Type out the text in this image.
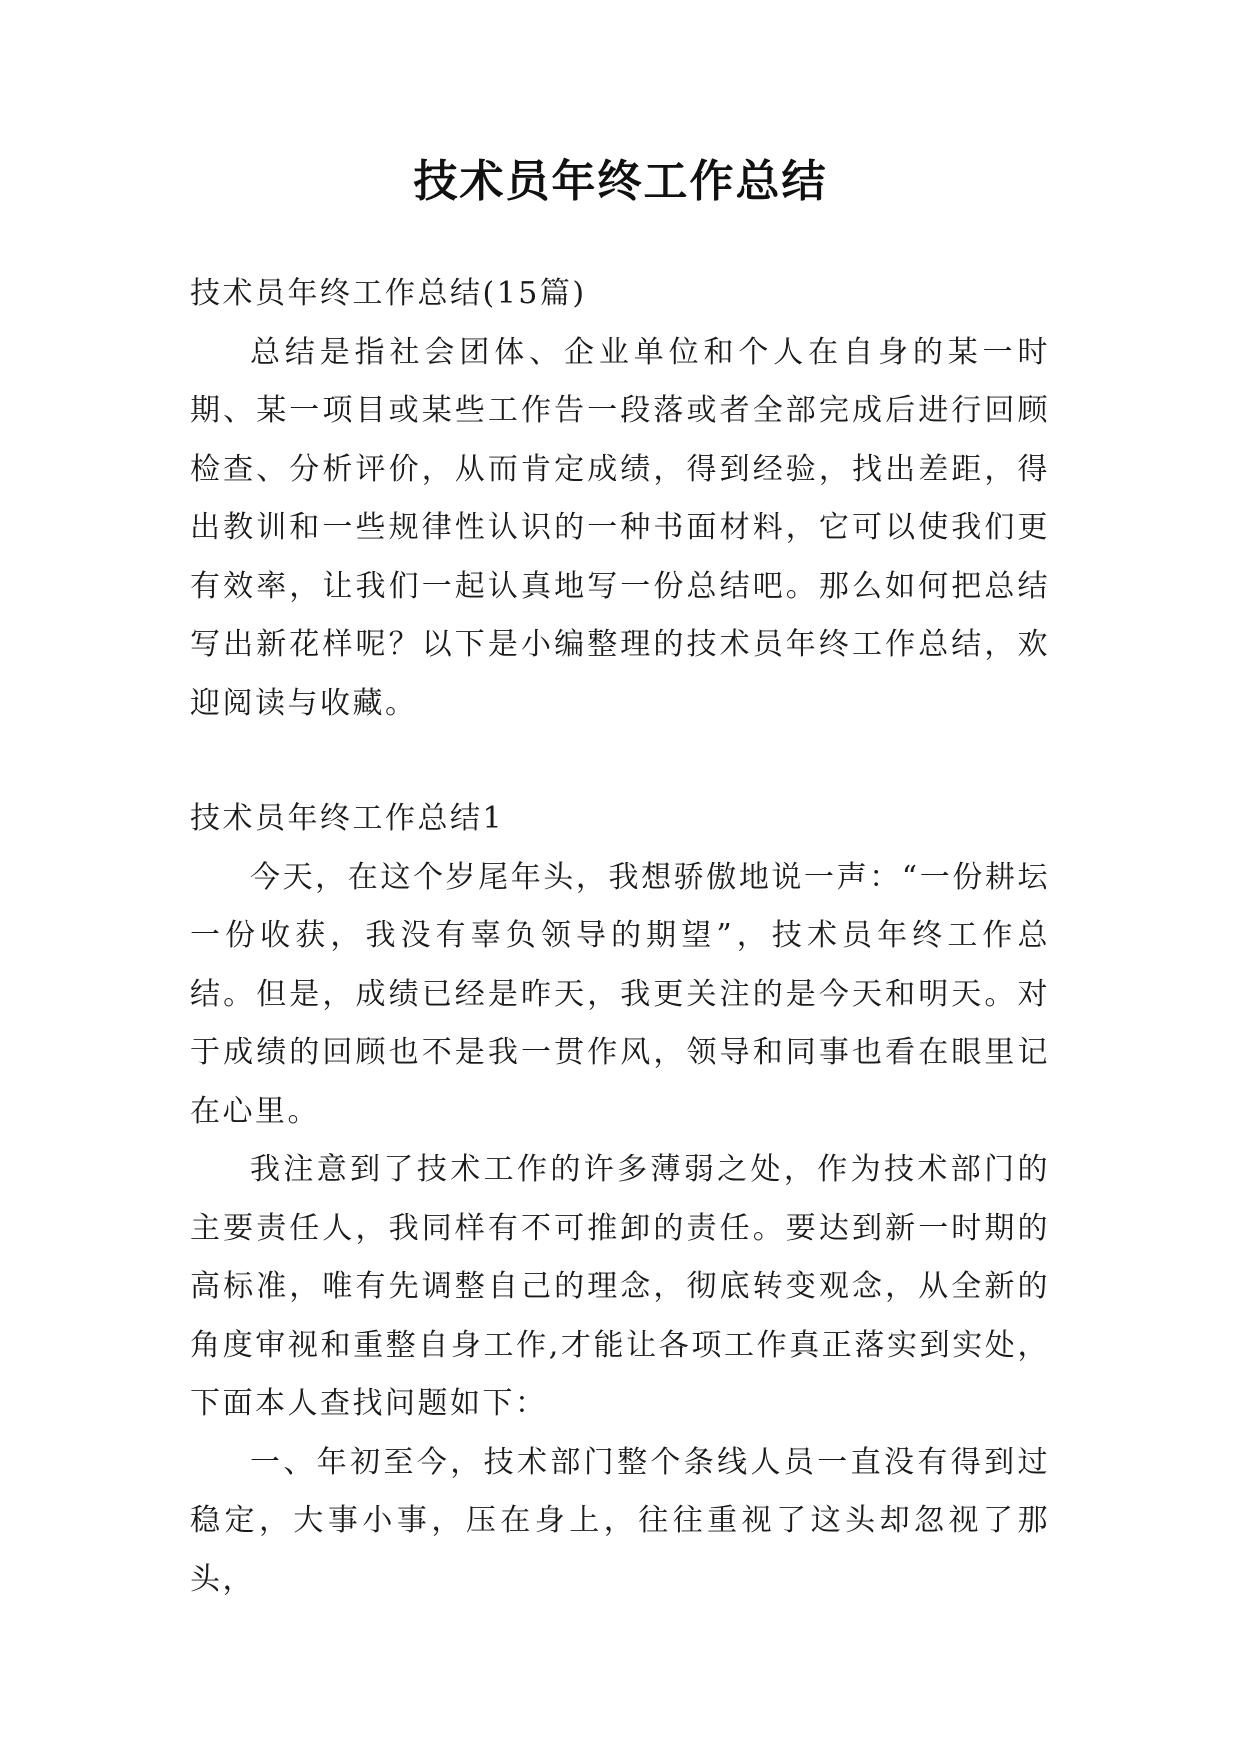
技术员年终工作总结

技术员年终工作总结(15篇)

总结是指社会团体、企业单位和个人在自身的某一时期、某一项目或某些工作告一段落或者全部完成后进行回顾检查、分析评价，从而肯定成绩，得到经验，找出差距，得出教训和一些规律性认识的一种书面材料，它可以使我们更有效率，让我们一起认真地写一份总结吧。那么如何把总结写出新花样呢？以下是小编整理的技术员年终工作总结，欢迎阅读与收藏。

技术员年终工作总结1

今天，在这个岁尾年头，我想骄傲地说一声：“一份耕坛一份收获，我没有辜负领导的期望”，技术员年终工作总结。但是，成绩已经是昨天，我更关注的是今天和明天。对于成绩的回顾也不是我一贯作风，领导和同事也看在眼里记在心里。

我注意到了技术工作的许多薄弱之处，作为技术部门的主要责任人，我同样有不可推卸的责任。要达到新一时期的高标准，唯有先调整自己的理念，彻底转变观念，从全新的角度审视和重整自身工作,才能让各项工作真正落实到实处，下面本人查找问题如下：

一、年初至今，技术部门整个条线人员一直没有得到过稳定，大事小事，压在身上，往往重视了这头却忽视了那头，
